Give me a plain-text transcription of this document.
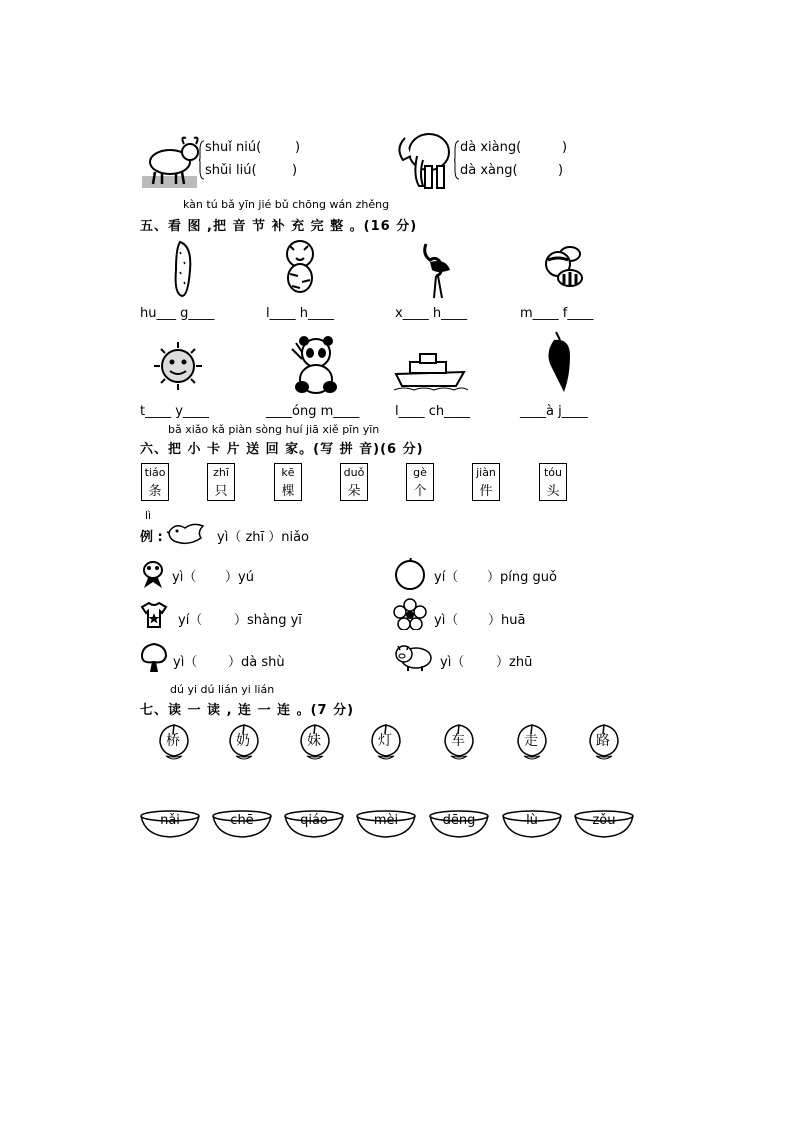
shuǐ niú(	)
shǔi liú(	)
dà xiàng(	)
dà xàng(	)
kàn tú bǎ yīn jié bǔ chōng wán zhěng
五、看 图 ,把 音 节 补 充 完 整 。(16 分)
hu___ g____	l____ h____	x____ h____	m____ f____
t____ y____	____óng m____	l____ ch____	____à j____
bǎ xiǎo kǎ piàn sòng huí jiā xiě pīn yīn
六、把 小 卡 片 送 回 家。(写 拼 音)(6 分)
tiáo
条
zhī
只
kē
棵
duǒ
朵
gè
个
jiàn
件
tóu
头
lì
例 :	yì（ zhī ）niǎo
yì（ ）yú	yí（ ）píng guǒ
yí（ ）shàng yī	yì（ ）huā
yì（ ）dà shù	yì（ ）zhū
dú yi dú lián yi lián
七、读 一 读 , 连 一 连 。(7 分)
桥	奶	妹	灯	车	走	路
nǎi	chē	qiáo	mèi	dēng	lù	zǒu
